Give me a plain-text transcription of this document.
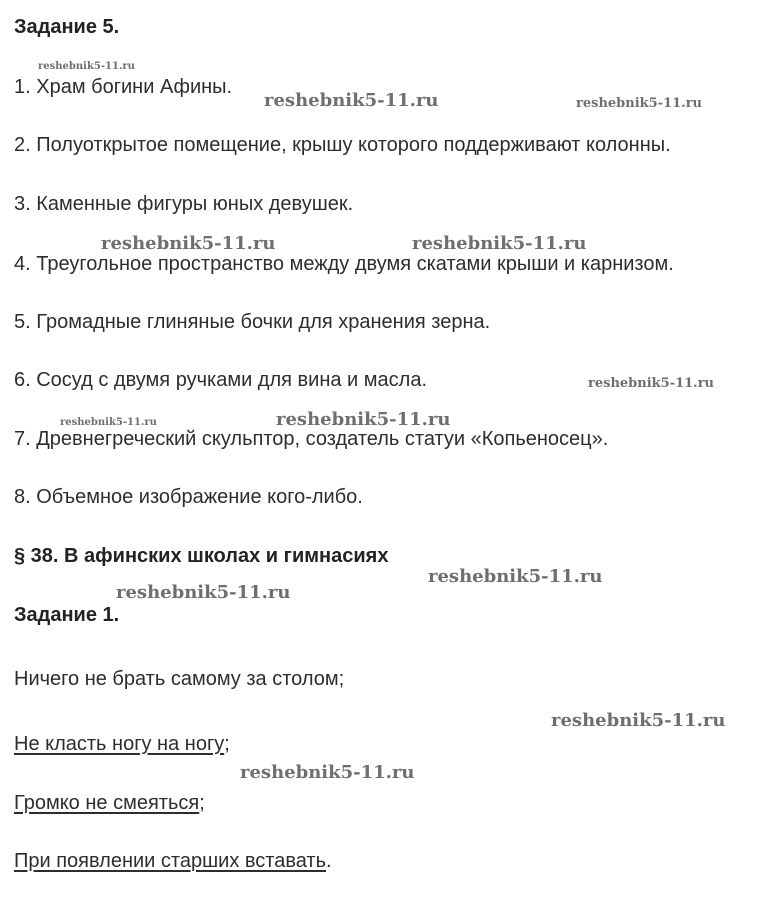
Задание 5.
1. Храм богини Афины.
2. Полуоткрытое помещение, крышу которого поддерживают колонны.
3. Каменные фигуры юных девушек.
4. Треугольное пространство между двумя скатами крыши и карнизом.
5. Громадные глиняные бочки для хранения зерна.
6. Сосуд с двумя ручками для вина и масла.
7. Древнегреческий скульптор, создатель статуи «Копьеносец».
8. Объемное изображение кого-либо.
§ 38. В афинских школах и гимнасиях
Задание 1.
Ничего не брать самому за столом;
Не класть ногу на ногу;
Громко не смеяться;
При появлении старших вставать.
reshebnik5-11.ru
reshebnik5-11.ru	reshebnik5-11.ru
reshebnik5-11.ru	reshebnik5-11.ru
reshebnik5-11.ru
reshebnik5-11.ru	reshebnik5-11.ru
reshebnik5-11.ru
reshebnik5-11.ru
reshebnik5-11.ru
reshebnik5-11.ru
